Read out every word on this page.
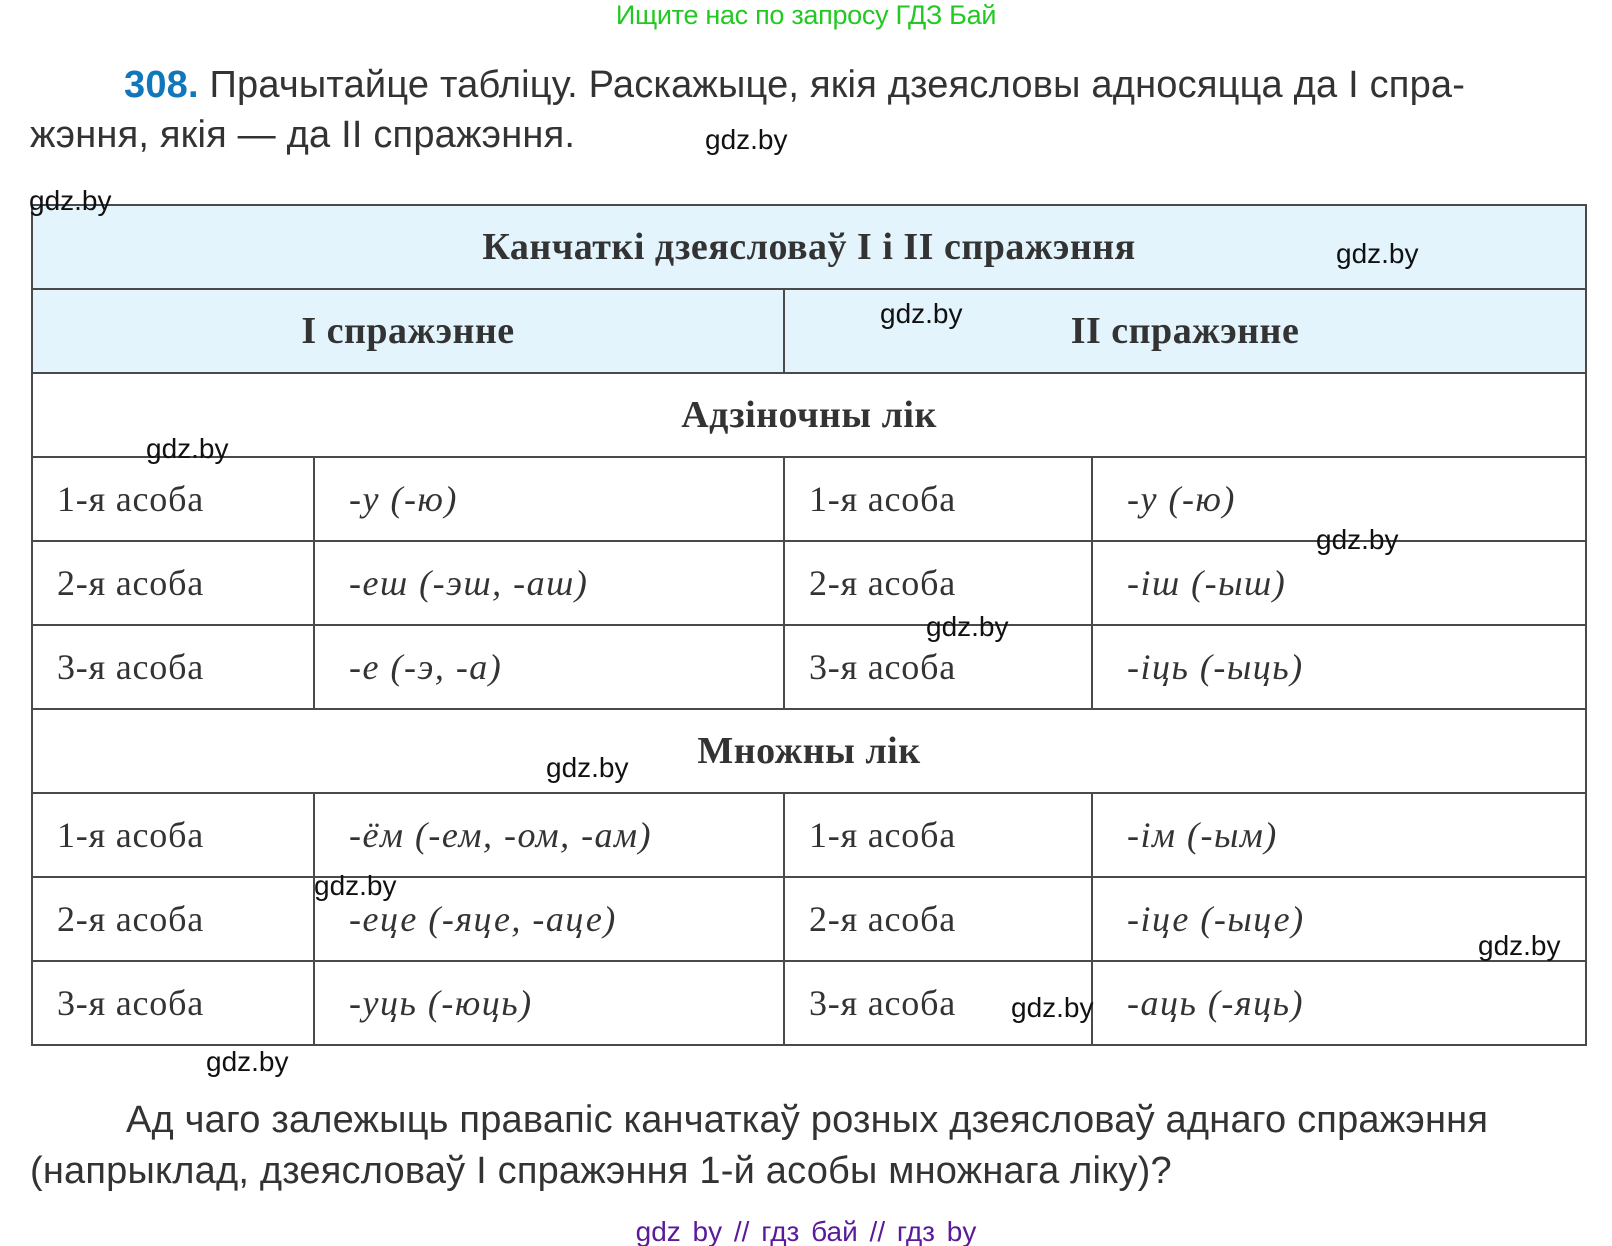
Ищите нас по запросу ГДЗ Бай
308. Прачытайце табліцу. Раскажыце, якія дзеясловы адносяцца да I спра-
жэння, якія — да II спражэння.
Канчаткі дзеясловаў I і II спражэння			
I спражэнне		II спражэнне	
Адзіночны лік			
1-я асоба	-у (-ю)	1-я асоба	-у (-ю)
2-я асоба	-еш (-эш, -аш)	2-я асоба	-іш (-ыш)
3-я асоба	-е (-э, -а)	3-я асоба	-іць (-ыць)
Множны лік			
1-я асоба	-ём (-ем, -ом, -ам)	1-я асоба	-ім (-ым)
2-я асоба	-еце (-яце, -аце)	2-я асоба	-іце (-ыце)
3-я асоба	-уць (-юць)	3-я асоба	-аць (-яць)
Ад чаго залежыць правапіс канчаткаў розных дзеясловаў аднаго спражэння
(напрыклад, дзеясловаў I спражэння 1-й асобы множнага ліку)?
gdz.by
gdz.by
gdz.by
gdz.by
gdz.by
gdz.by
gdz.by
gdz.by
gdz.by
gdz.by
gdz.by
gdz.by
gdz by // гдз бай // гдз by
